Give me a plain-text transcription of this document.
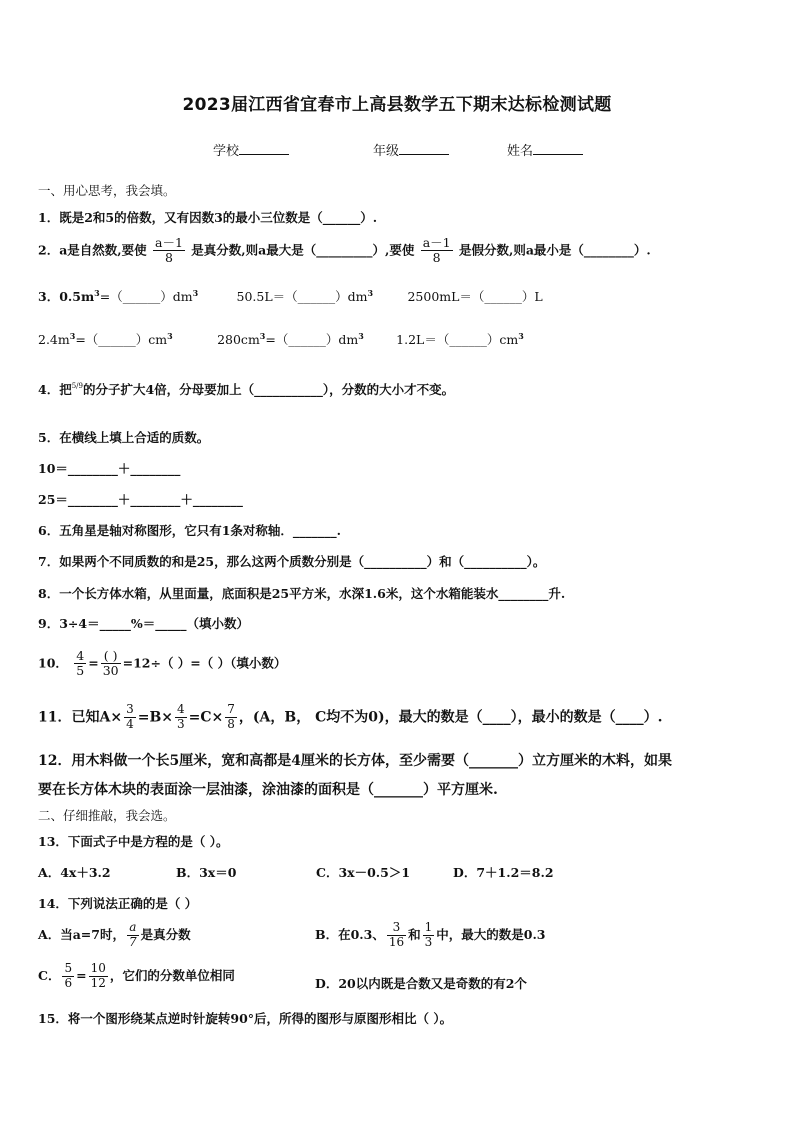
2023届江西省宜春市上高县数学五下期末达标检测试题
学校	年级	姓名
一、用心思考，我会填。
1．既是2和5的倍数，又有因数3的最小三位数是（______）.
2．a是自然数,要使 $\frac{a-1}{8}$ 是真分数,则a最大是（_________）,要使 $\frac{a-1}{8}$ 是假分数,则a最小是（________）.
3．$0.5m^3=(\_\_\_\_\_\_)dm^3$	$50.5L=(\_\_\_\_\_\_)dm^3$	2500mL＝（______）L
$2.4m^3=(\_\_\_\_\_\_)cm^3$	$280cm^3=(\_\_\_\_\_\_)dm^3$	$1.2L=(\_\_\_\_\_\_)cm^3$
4．把$^{5/9}$的分子扩大4倍，分母要加上（___________），分数的大小才不变。
5．在横线上填上合适的质数。
10＝________＋________
25＝________＋________＋________
6．五角星是轴对称图形，它只有1条对称轴．_______.
7．如果两个不同质数的和是25，那么这两个质数分别是（__________）和（__________）。
8．一个长方体水箱，从里面量，底面积是25平方米，水深1.6米，这个水箱能装水________升.
9．3÷4＝_____%＝_____（填小数）
10． $\frac{4}{5} = \frac{( )}{30} =12\div$（ ）=（ ）（填小数）
11．已知$A\times \frac{3}{4} =B\times \frac{4}{3} =C\times \frac{7}{8}$ ，(A，B， C均不为0)，最大的数是（____），最小的数是（____）.
12．用木料做一个长5厘米，宽和高都是4厘米的长方体，至少需要（_______）立方厘米的木料，如果
要在长方体木块的表面涂一层油漆，涂油漆的面积是（_______）平方厘米.
二、仔细推敲，我会选。
13．下面式子中是方程的是（ ）。
A．4x＋3.2	B．3x＝0	C．3x－0.5＞1	D．7＋1.2＝8.2
14．下列说法正确的是（ ）
A．当a=7时， $\frac{a}{7}$ 是真分数	B．在0.3、 $\frac{3}{16}$ 和 $\frac{1}{3}$ 中，最大的数是0.3
C． $\frac{5}{6} = \frac{10}{12}$ ，它们的分数单位相同
D．20以内既是合数又是奇数的有2个
15．将一个图形绕某点逆时针旋转90°后，所得的图形与原图形相比（ ）。
